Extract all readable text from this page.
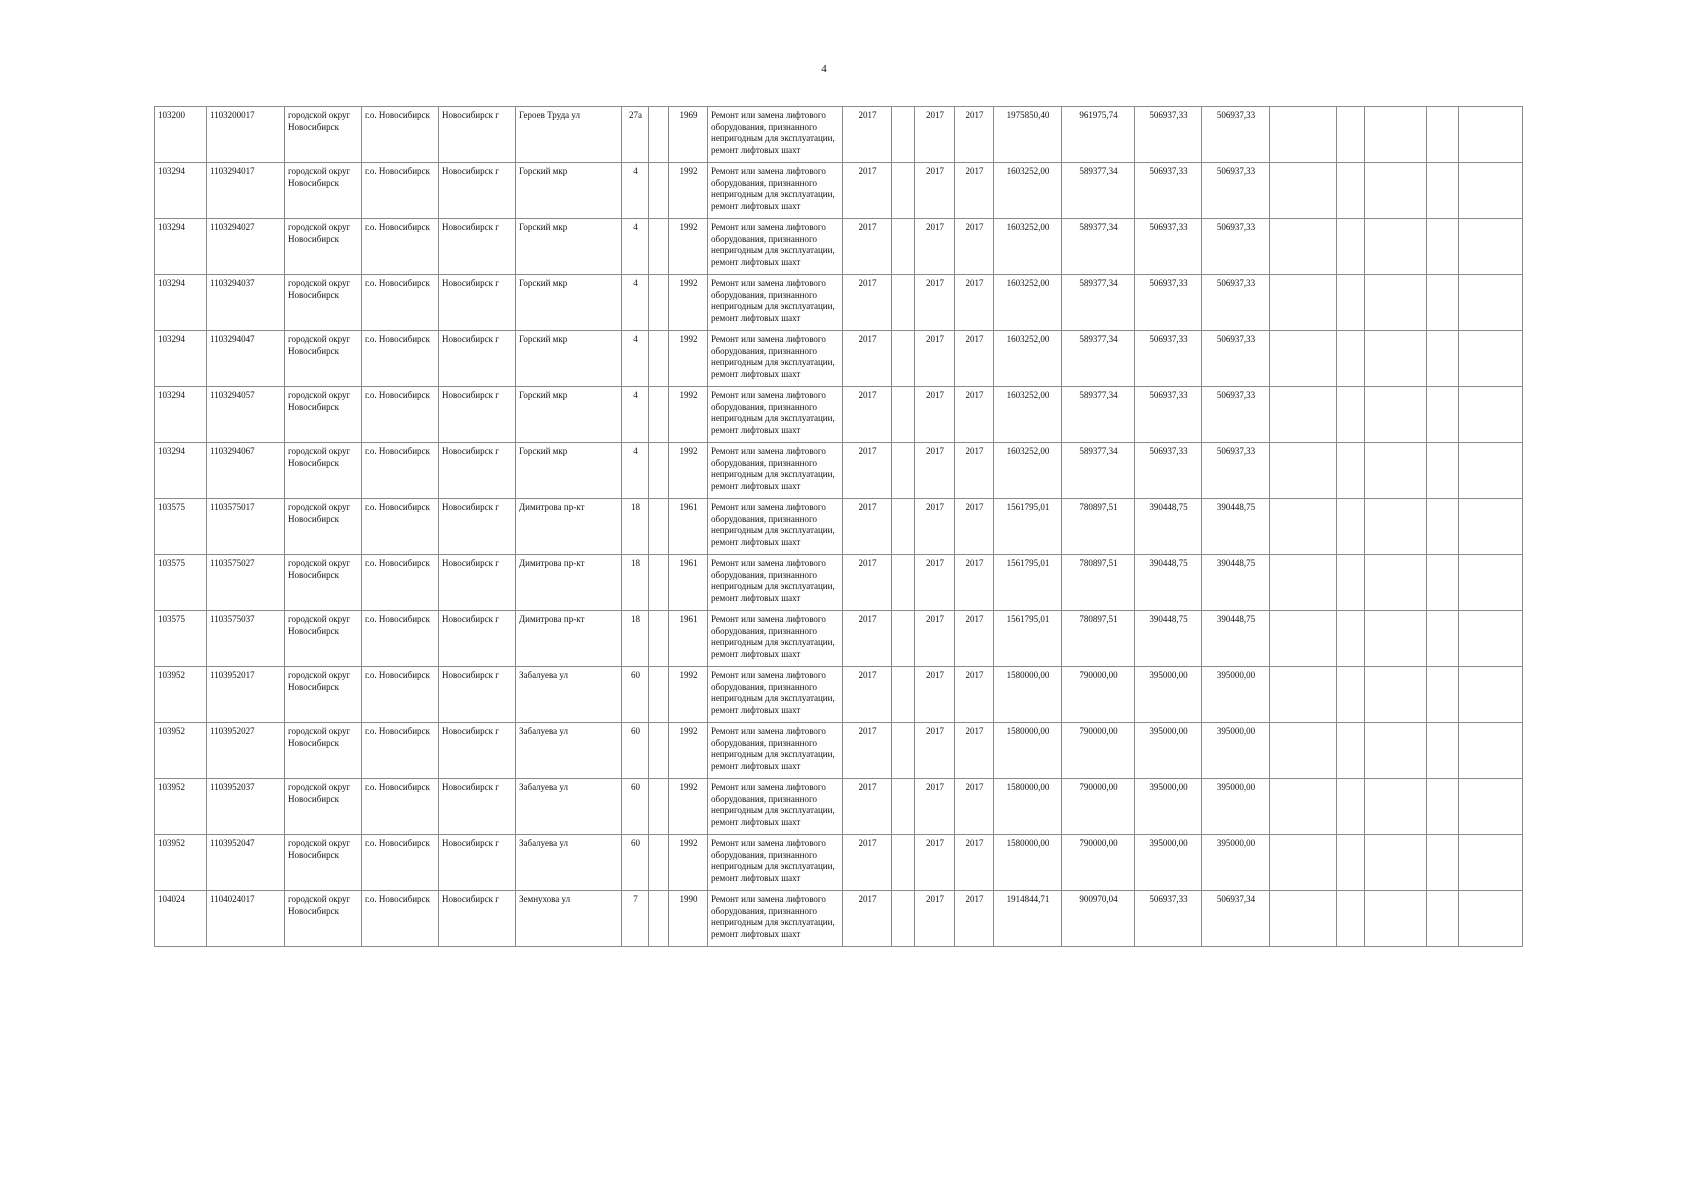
4
103200	1103200017	городской округ Новосибирск	г.о. Новосибирск	Новосибирск г	Героев Труда ул	27а		1969	Ремонт или замена лифтового оборудования, признанного непригодным для эксплуатации, ремонт лифтовых шахт	2017		2017	2017	1975850,40	961975,74	506937,33	506937,33					
103294	1103294017	городской округ Новосибирск	г.о. Новосибирск	Новосибирск г	Горский мкр	4		1992	Ремонт или замена лифтового оборудования, признанного непригодным для эксплуатации, ремонт лифтовых шахт	2017		2017	2017	1603252,00	589377,34	506937,33	506937,33					
103294	1103294027	городской округ Новосибирск	г.о. Новосибирск	Новосибирск г	Горский мкр	4		1992	Ремонт или замена лифтового оборудования, признанного непригодным для эксплуатации, ремонт лифтовых шахт	2017		2017	2017	1603252,00	589377,34	506937,33	506937,33					
103294	1103294037	городской округ Новосибирск	г.о. Новосибирск	Новосибирск г	Горский мкр	4		1992	Ремонт или замена лифтового оборудования, признанного непригодным для эксплуатации, ремонт лифтовых шахт	2017		2017	2017	1603252,00	589377,34	506937,33	506937,33					
103294	1103294047	городской округ Новосибирск	г.о. Новосибирск	Новосибирск г	Горский мкр	4		1992	Ремонт или замена лифтового оборудования, признанного непригодным для эксплуатации, ремонт лифтовых шахт	2017		2017	2017	1603252,00	589377,34	506937,33	506937,33					
103294	1103294057	городской округ Новосибирск	г.о. Новосибирск	Новосибирск г	Горский мкр	4		1992	Ремонт или замена лифтового оборудования, признанного непригодным для эксплуатации, ремонт лифтовых шахт	2017		2017	2017	1603252,00	589377,34	506937,33	506937,33					
103294	1103294067	городской округ Новосибирск	г.о. Новосибирск	Новосибирск г	Горский мкр	4		1992	Ремонт или замена лифтового оборудования, признанного непригодным для эксплуатации, ремонт лифтовых шахт	2017		2017	2017	1603252,00	589377,34	506937,33	506937,33					
103575	1103575017	городской округ Новосибирск	г.о. Новосибирск	Новосибирск г	Димитрова пр-кт	18		1961	Ремонт или замена лифтового оборудования, признанного непригодным для эксплуатации, ремонт лифтовых шахт	2017		2017	2017	1561795,01	780897,51	390448,75	390448,75					
103575	1103575027	городской округ Новосибирск	г.о. Новосибирск	Новосибирск г	Димитрова пр-кт	18		1961	Ремонт или замена лифтового оборудования, признанного непригодным для эксплуатации, ремонт лифтовых шахт	2017		2017	2017	1561795,01	780897,51	390448,75	390448,75					
103575	1103575037	городской округ Новосибирск	г.о. Новосибирск	Новосибирск г	Димитрова пр-кт	18		1961	Ремонт или замена лифтового оборудования, признанного непригодным для эксплуатации, ремонт лифтовых шахт	2017		2017	2017	1561795,01	780897,51	390448,75	390448,75					
103952	1103952017	городской округ Новосибирск	г.о. Новосибирск	Новосибирск г	Забалуева ул	60		1992	Ремонт или замена лифтового оборудования, признанного непригодным для эксплуатации, ремонт лифтовых шахт	2017		2017	2017	1580000,00	790000,00	395000,00	395000,00					
103952	1103952027	городской округ Новосибирск	г.о. Новосибирск	Новосибирск г	Забалуева ул	60		1992	Ремонт или замена лифтового оборудования, признанного непригодным для эксплуатации, ремонт лифтовых шахт	2017		2017	2017	1580000,00	790000,00	395000,00	395000,00					
103952	1103952037	городской округ Новосибирск	г.о. Новосибирск	Новосибирск г	Забалуева ул	60		1992	Ремонт или замена лифтового оборудования, признанного непригодным для эксплуатации, ремонт лифтовых шахт	2017		2017	2017	1580000,00	790000,00	395000,00	395000,00					
103952	1103952047	городской округ Новосибирск	г.о. Новосибирск	Новосибирск г	Забалуева ул	60		1992	Ремонт или замена лифтового оборудования, признанного непригодным для эксплуатации, ремонт лифтовых шахт	2017		2017	2017	1580000,00	790000,00	395000,00	395000,00					
104024	1104024017	городской округ Новосибирск	г.о. Новосибирск	Новосибирск г	Земнухова ул	7		1990	Ремонт или замена лифтового оборудования, признанного непригодным для эксплуатации, ремонт лифтовых шахт	2017		2017	2017	1914844,71	900970,04	506937,33	506937,34					
